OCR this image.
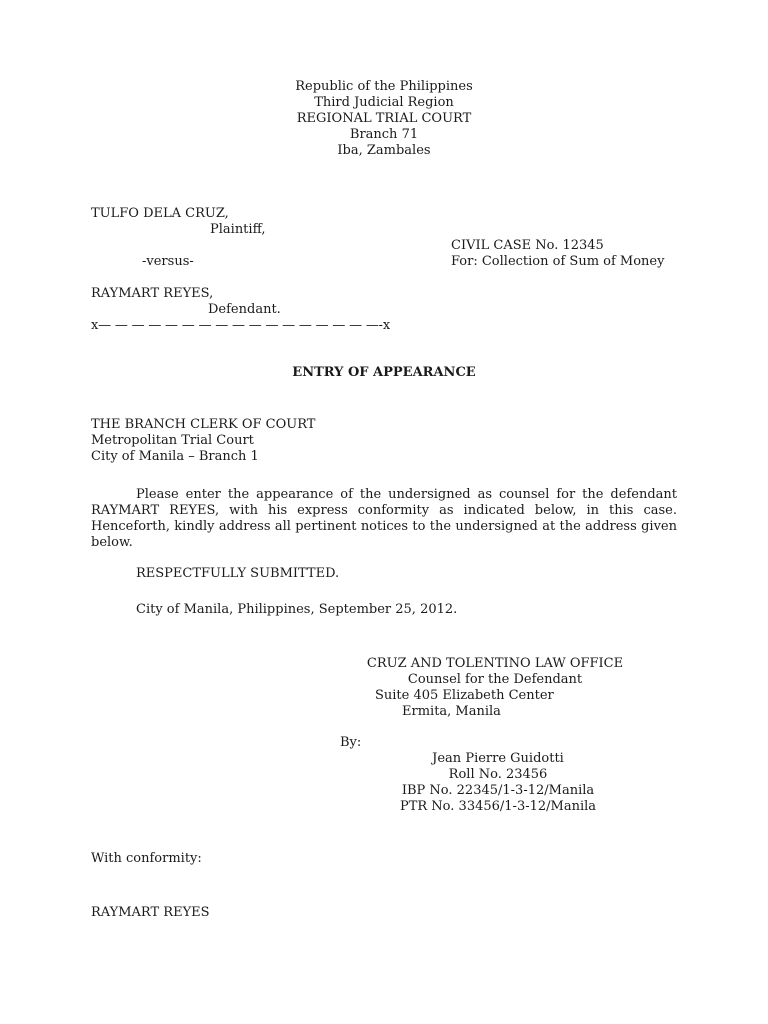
Republic of the Philippines
Third Judicial Region
REGIONAL TRIAL COURT
Branch 71
Iba, Zambales
TULFO DELA CRUZ,
Plaintiff,
CIVIL CASE No. 12345
-versus-	For: Collection of Sum of Money
RAYMART REYES,
Defendant.
x— — — — — — — — — — — — — — — — —-x
ENTRY OF APPEARANCE
THE BRANCH CLERK OF COURT
Metropolitan Trial Court
City of Manila – Branch 1
Please enter the appearance of the undersigned as counsel for the defendant RAYMART REYES, with his express conformity as indicated below, in this case. Henceforth, kindly address all pertinent notices to the undersigned at the address given below.
RESPECTFULLY SUBMITTED.
City of Manila, Philippines, September 25, 2012.
CRUZ AND TOLENTINO LAW OFFICE
Counsel for the Defendant
Suite 405 Elizabeth Center
Ermita, Manila
By:
Jean Pierre Guidotti
Roll No. 23456
IBP No. 22345/1-3-12/Manila
PTR No. 33456/1-3-12/Manila
With conformity:
RAYMART REYES
